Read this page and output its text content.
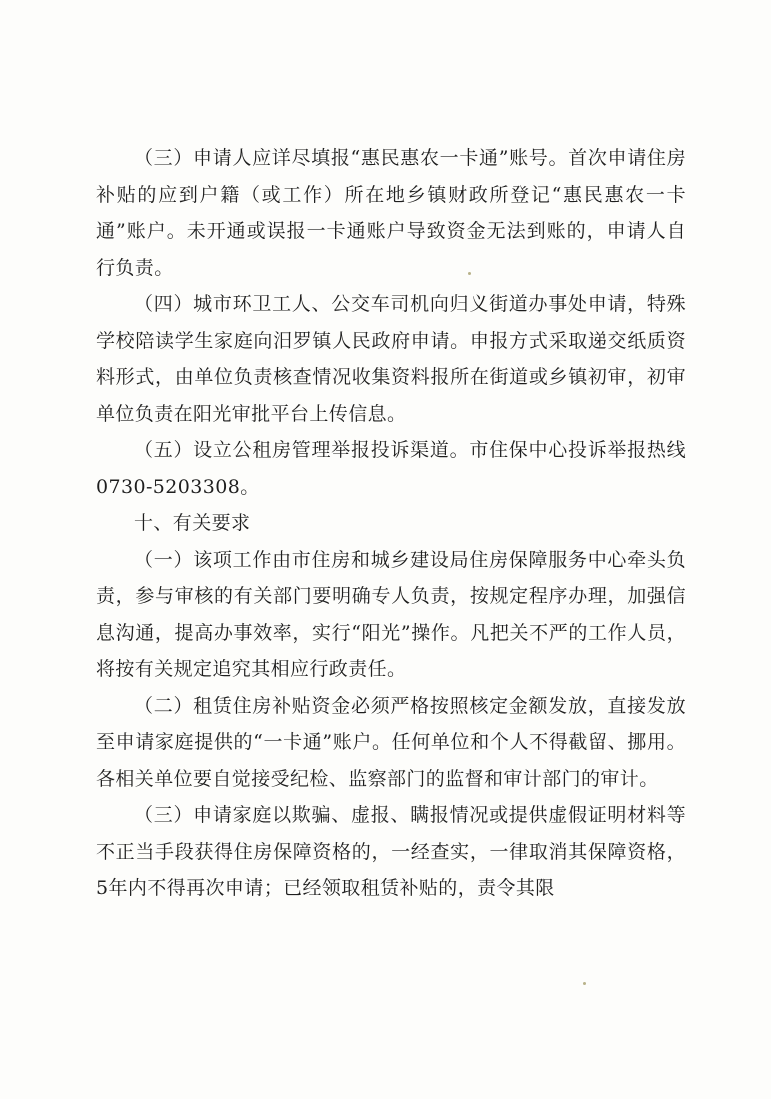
（三）申请人应详尽填报“惠民惠农一卡通”账号。首次申请住房补贴的应到户籍（或工作）所在地乡镇财政所登记“惠民惠农一卡通”账户。未开通或误报一卡通账户导致资金无法到账的，申请人自行负责。

（四）城市环卫工人、公交车司机向归义街道办事处申请，特殊学校陪读学生家庭向汨罗镇人民政府申请。申报方式采取递交纸质资料形式，由单位负责核查情况收集资料报所在街道或乡镇初审，初审单位负责在阳光审批平台上传信息。

（五）设立公租房管理举报投诉渠道。市住保中心投诉举报热线0730-5203308。

十、有关要求

（一）该项工作由市住房和城乡建设局住房保障服务中心牵头负责，参与审核的有关部门要明确专人负责，按规定程序办理，加强信息沟通，提高办事效率，实行“阳光”操作。凡把关不严的工作人员，将按有关规定追究其相应行政责任。

（二）租赁住房补贴资金必须严格按照核定金额发放，直接发放至申请家庭提供的“一卡通”账户。任何单位和个人不得截留、挪用。各相关单位要自觉接受纪检、监察部门的监督和审计部门的审计。

（三）申请家庭以欺骗、虚报、瞒报情况或提供虚假证明材料等不正当手段获得住房保障资格的，一经查实，一律取消其保障资格，5年内不得再次申请；已经领取租赁补贴的，责令其限
